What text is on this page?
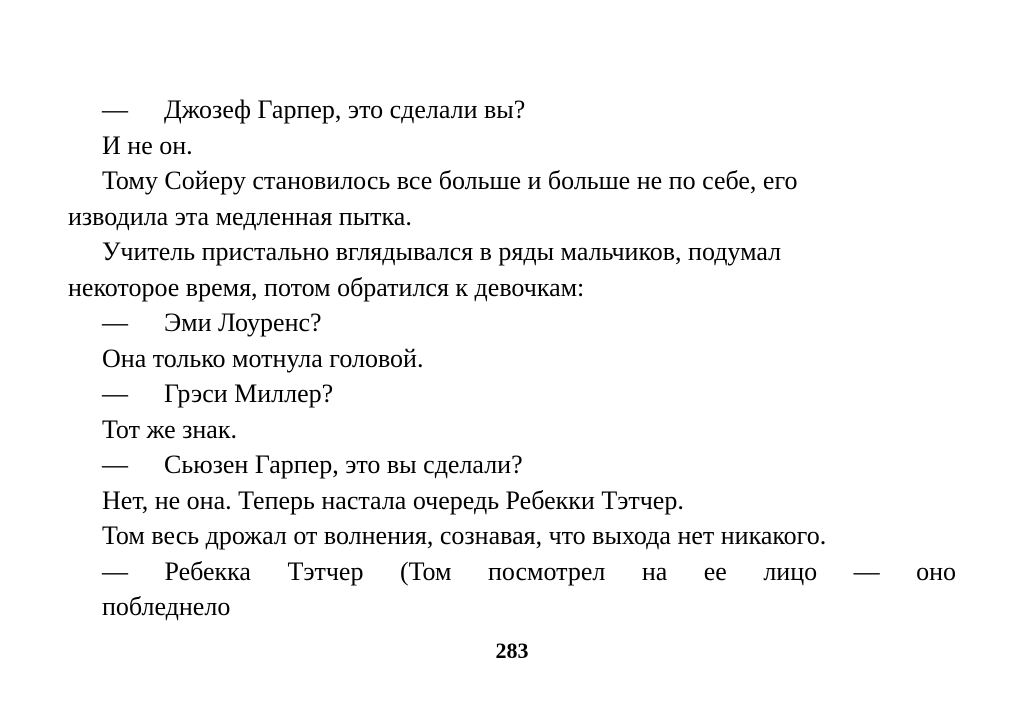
— Джозеф Гарпер, это сделали вы?
И не он.
Тому Сойеру становилось все больше и больше не по себе, его
изводила эта медленная пытка.
Учитель пристально вглядывался в ряды мальчиков, подумал
некоторое время, потом обратился к девочкам:
— Эми Лоуренс?
Она только мотнула головой.
— Грэси Миллер?
Тот же знак.
— Сьюзен Гарпер, это вы сделали?
Нет, не она. Теперь настала очередь Ребекки Тэтчер.
Том весь дрожал от волнения, сознавая, что выхода нет никакого.
— Ребекка Тэтчер (Том посмотрел на ее лицо — оно
побледнело
283
